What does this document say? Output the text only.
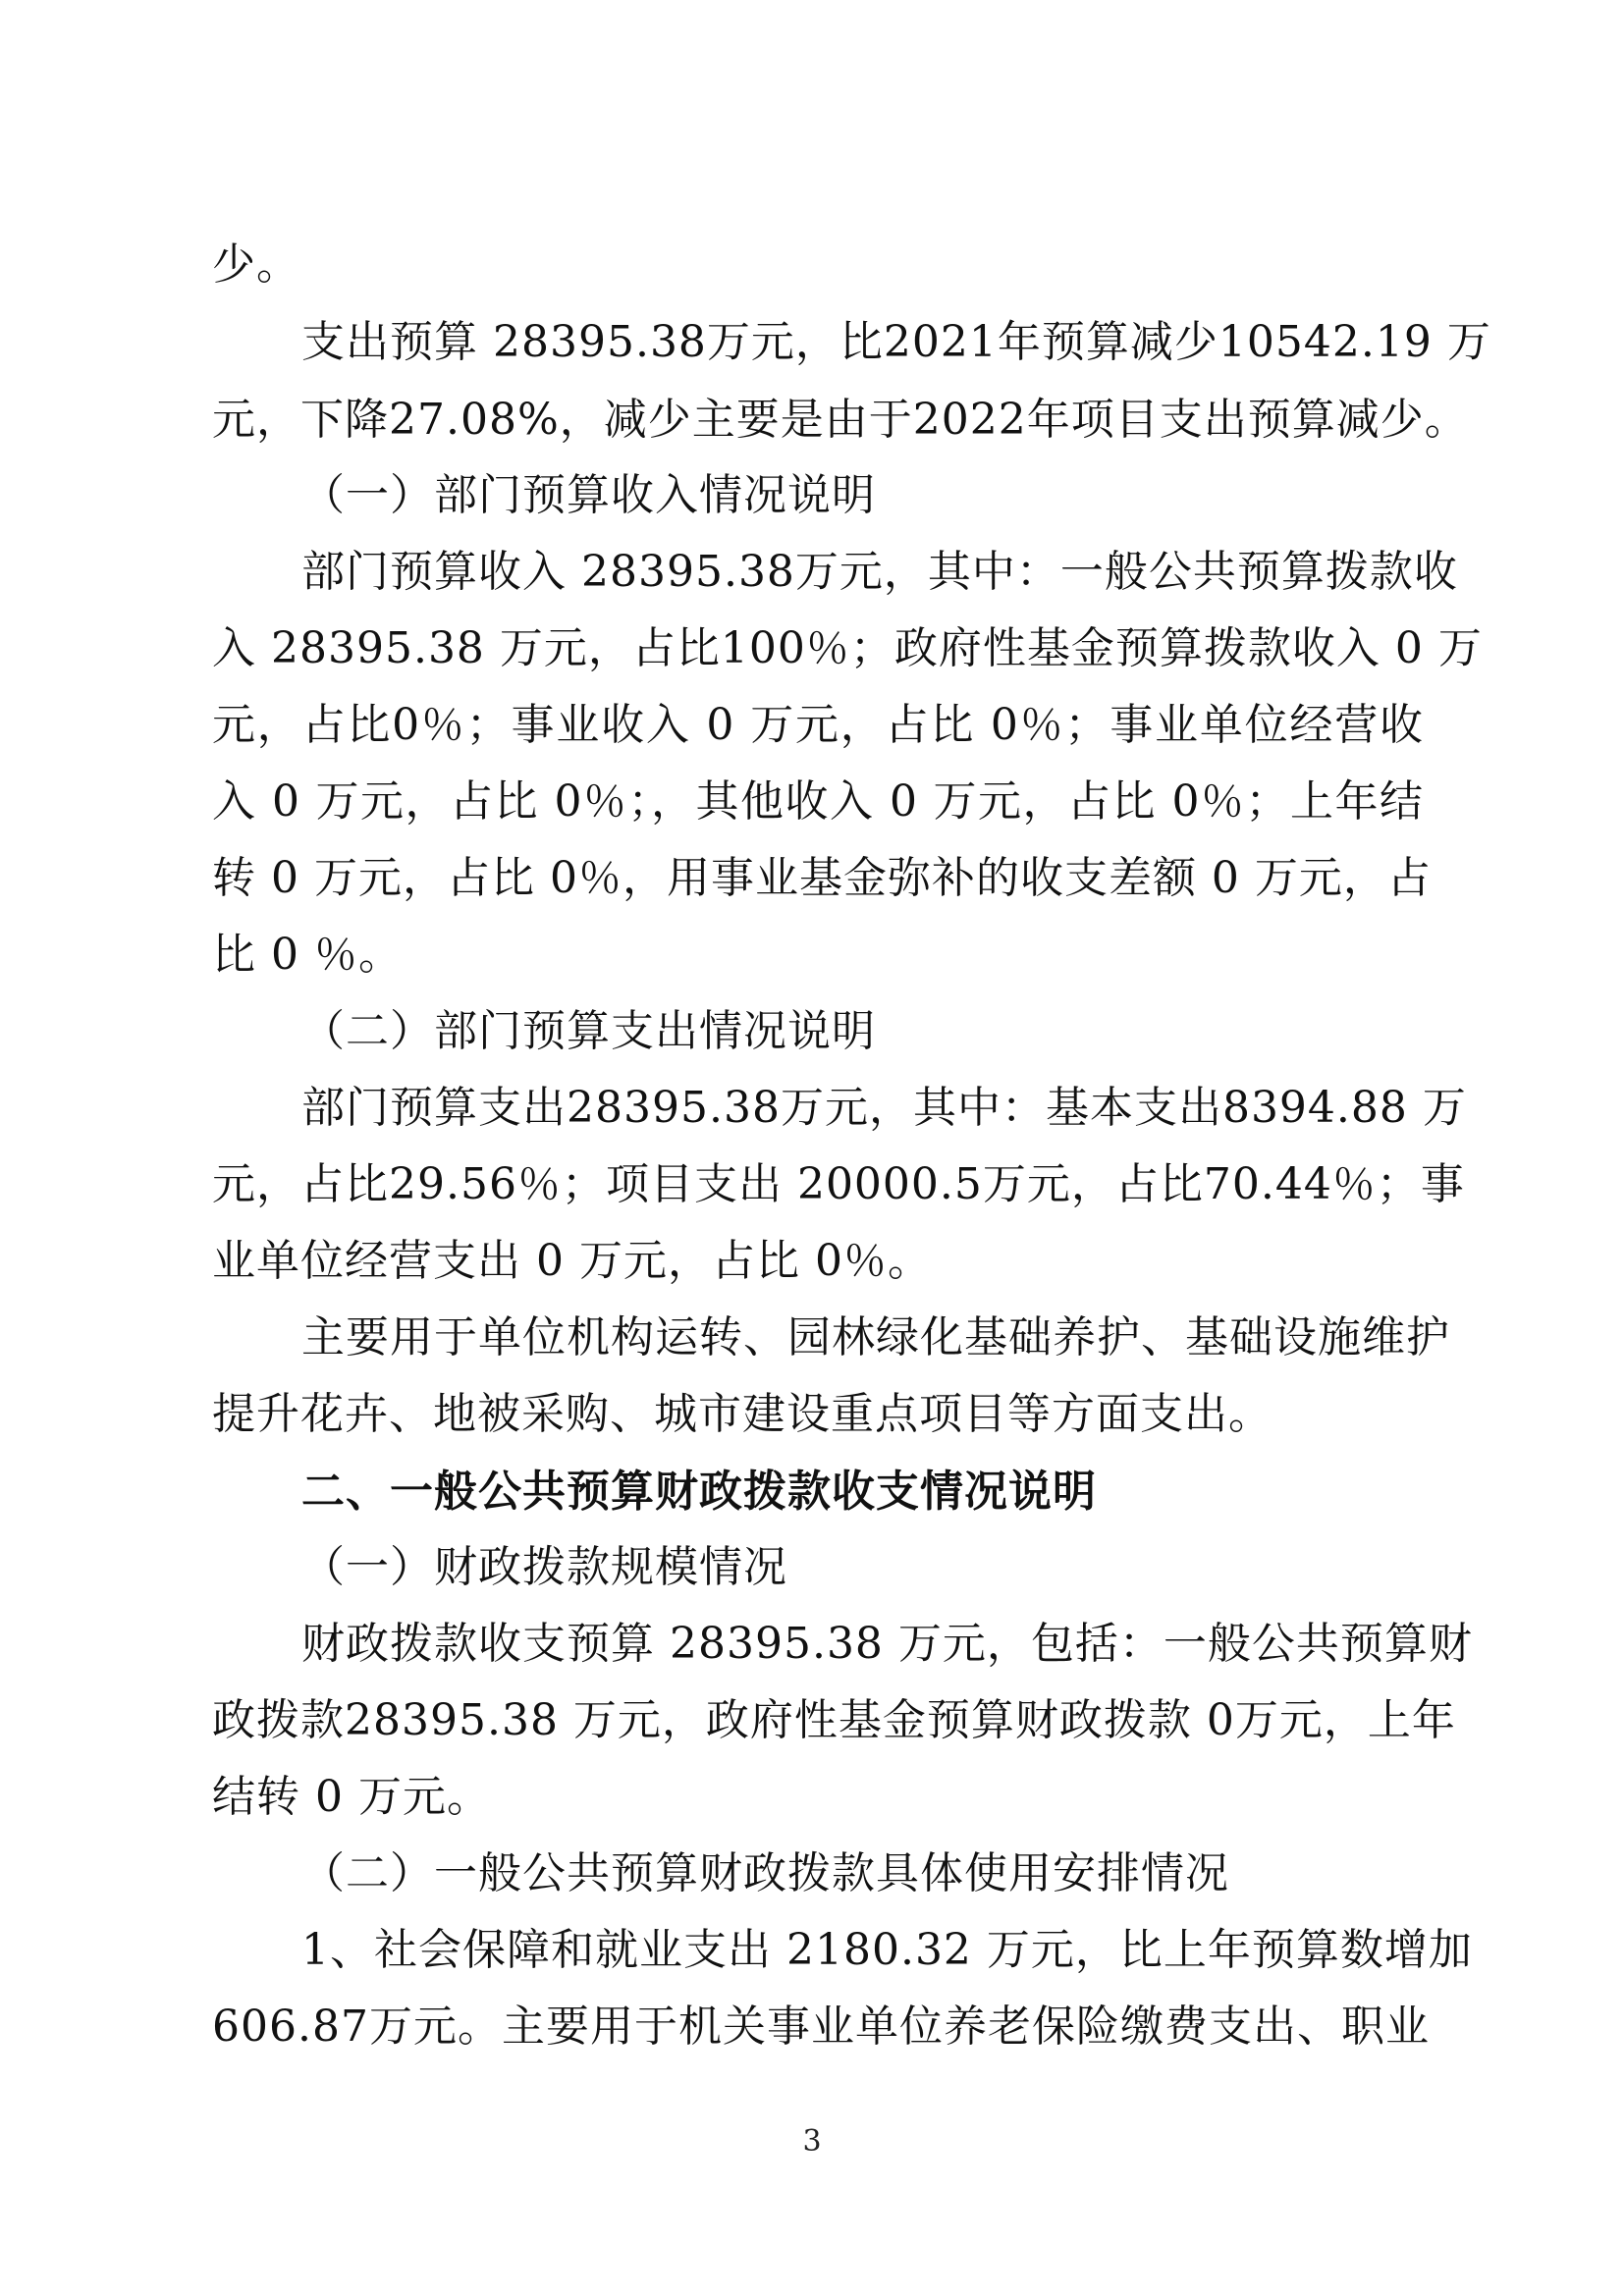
少。
支出预算 28395.38万元，比2021年预算减少10542.19 万
元，下降27.08%，减少主要是由于2022年项目支出预算减少。
（一）部门预算收入情况说明
部门预算收入 28395.38万元，其中：一般公共预算拨款收
入 28395.38 万元，占比100％；政府性基金预算拨款收入 0 万
元，占比0％；事业收入 0 万元，占比 0％；事业单位经营收
入 0 万元，占比 0％；，其他收入 0 万元，占比 0％；上年结
转 0 万元，占比 0％，用事业基金弥补的收支差额 0 万元，占
比 0 ％。
（二）部门预算支出情况说明
部门预算支出28395.38万元，其中：基本支出8394.88 万
元，占比29.56％；项目支出 20000.5万元，占比70.44％；事
业单位经营支出 0 万元，占比 0％。
主要用于单位机构运转、园林绿化基础养护、基础设施维护
提升花卉、地被采购、城市建设重点项目等方面支出。
二、一般公共预算财政拨款收支情况说明
（一）财政拨款规模情况
财政拨款收支预算 28395.38 万元，包括：一般公共预算财
政拨款28395.38 万元，政府性基金预算财政拨款 0万元，上年
结转 0 万元。
（二）一般公共预算财政拨款具体使用安排情况
1、社会保障和就业支出 2180.32 万元，比上年预算数增加
606.87万元。主要用于机关事业单位养老保险缴费支出、职业
3
